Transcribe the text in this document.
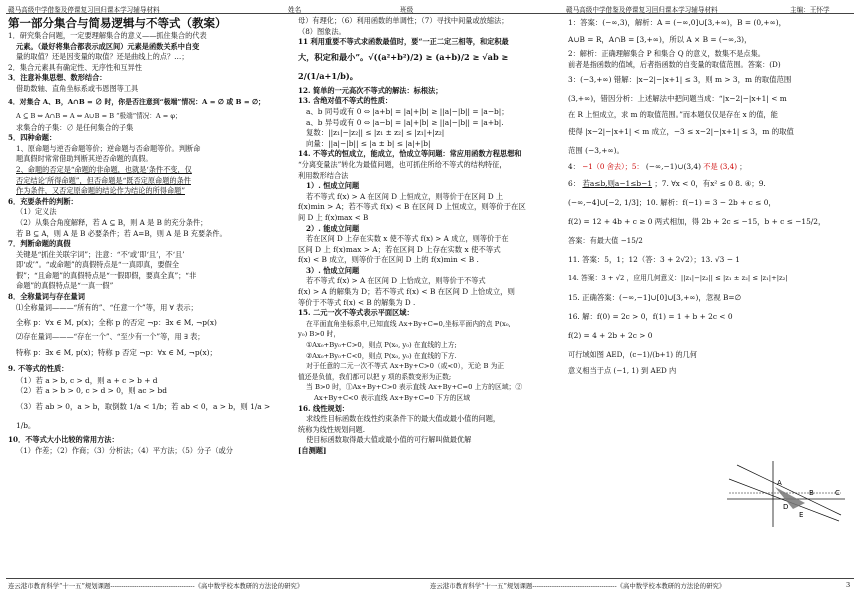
赣马高级中学借鉴及停课复习回归课本学习辅导材料	姓名	班级	赣马高级中学借鉴及停课复习回归课本学习辅导材料	主编：王怀学

第一部分集合与简易逻辑与不等式（教案）

1．研究集合问题，一定要理解集合的意义——抓住集合的代表

元素。（最好将集合都表示成区间）元素是函数关系中自变

量的取值？还是因变量的取值？还是曲线上的点？…；

2．集合元素具有确定性、无序性和互异性

3．注意补集思想、数形结合：

借助数轴、直角坐标系或韦恩图等工具

4．对集合 A、B，A∩B = ∅ 时，你是否注意到“极端”情况：A = ∅ 或 B = ∅；

A ⊆ B ⇔ A∩B = A ⇔ A∪B = B “极端”情况：A = φ；

求集合的子集：∅ 是任何集合的子集

5．四种命题：

1、原命题与逆否命题等价；逆命题与否命题等价。判断命

题真假时常常借助判断其逆否命题的真假。

2、命题的否定是“命题的非命题，也就是‘条件不变，仅

否定结论’所得命题”，但否命题是“既否定原命题的条件

作为条件，又否定原命题的结论作为结论的所得命题”

6．充要条件的判断：

（1）定义法

（2）从集合角度解释，若 A ⊆ B，则 A 是 B 的充分条件；

若 B ⊆ A，则 A 是 B 必要条件；若 A=B，则 A 是 B 充要条件。

7．判断命题的真假

关键是“抓住关联字词”；注意：“不‘或’即‘且’，不‘且’

即‘或’”。“或命题”的真假特点是“一真即真，要假全

假”；“且命题”的真假特点是“一假即假，要真全真”；“非

命题”的真假特点是“一真一假”

8．全称量词与存在量词

⑴全称量词———“所有的”、“任意一个”等，用 ∀ 表示；

全称 p：∀x ∈ M, p(x)；全称 p 的否定 ¬p：∃x ∈ M, ¬p(x)

⑵存在量词———“存在一个”、“至少有一个”等，用 ∃ 表；

特称 p：∃x ∈ M, p(x)；特称 p 否定 ¬p：∀x ∈ M, ¬p(x)；

9. 不等式的性质：

（1）若 a > b, c > d，则 a + c > b + d

（2）若 a > b > 0, c > d > 0，则 ac > bd

（3）若 ab > 0，a > b，取倒数 1/a < 1/b；若 ab < 0，a > b，则 1/a > 1/b。

10．不等式大小比较的常用方法：

（1）作差；（2）作商；（3）分析法；（4）平方法；（5）分子（或分

母）有理化；（6）利用函数的单调性；（7）寻找中间量或放缩法；

（8）图象法。

11 利用重要不等式求函数最值时，要“一正二定三相等，和定积最

大，积定和最小”。√((a²+b²)/2) ≥ (a+b)/2 ≥ √ab ≥ 2/(1/a+1/b)。

12. 简单的一元高次不等式的解法：标根法；

13. 含绝对值不等式的性质：

a、b 同号或有 0 ⇔ |a+b| = |a|+|b| ≥ ||a|−|b|| = |a−b|；

a、b 异号或有 0 ⇔ |a−b| = |a|+|b| ≥ ||a|−|b|| = |a+b|.

复数：||z₁|−|z₂|| ≤ |z₁ ± z₂| ≤ |z₁|+|z₂|

向量：||a|−|b|| ≤ |a ± b| ≤ |a|+|b|

14. 不等式的恒成立，能成立，恰成立等问题：常应用函数方程思想和

“分离变量法”转化为最值问题，也可抓住所给不等式的结构特征，

利用数形结合法

1）. 恒成立问题

若不等式 f(x) > A 在区间 D 上恒成立，则等价于在区间 D 上

f(x)min > A；若不等式 f(x) < B 在区间 D 上恒成立，则等价于在区

间 D 上 f(x)max < B

2）. 能成立问题

若在区间 D 上存在实数 x 使不等式 f(x) > A 成立，则等价于在

区间 D 上 f(x)max > A；若在区间 D 上存在实数 x 使不等式

f(x) < B 成立，则等价于在区间 D 上的 f(x)min < B .

3）. 恰成立问题

若不等式 f(x) > A 在区间 D 上恰成立，则等价于不等式

f(x) > A 的解集为 D；若不等式 f(x) < B 在区间 D 上恰成立，则

等价于不等式 f(x) < B 的解集为 D .

15. 二元一次不等式表示平面区域：

在平面直角坐标系中,已知直线 Ax+By+C=0,坐标平面内的点 P(x₀,

y₀) B>0 时，

①Ax₀+By₀+C>0，则点 P(x₀, y₀) 在直线的上方;

②Ax₀+By₀+C<0，则点 P(x₀, y₀) 在直线的下方.

对于任意的二元一次不等式 Ax+By+C>0（或<0），无论 B 为正

值还是负值，我们都可以把 y 项的系数变形为正数;

当 B>0 时，①Ax+By+C>0 表示直线 Ax+By+C=0 上方的区域；②

Ax+By+C<0 表示直线 Ax+By+C=0 下方的区域

16. 线性规划：

求线性目标函数在线性约束条件下的最大值或最小值的问题，

统称为线性规划问题.

使目标函数取得最大值或最小值的可行解叫做最优解

[自测题]

1：答案：(−∞,3)，解析：A = (−∞,0]∪[3,+∞)，B = (0,+∞)，

A∪B = R，A∩B = [3,+∞)，所以 A × B = (−∞,3)，

2：解析：正确理解集合 P 和集合 Q 的意义，数集不是点集。

前者是指函数的值域，后者指函数的自变量的取值范围。答案：(D)

3：(−3,+∞) 错解：|x−2|−|x+1| ≤ 3，则 m > 3，m 的取值范围

(3,+∞)，错因分析：上述解法中把问题当成：“|x−2|−|x+1| < m

在 R 上恒成立，求 m 的取值范围。”而本题仅仅是存在 x 的值，能

使得 |x−2|−|x+1| < m 成立，−3 ≤ x−2|−|x+1| ≤ 3，m 的取值

范围 (−3,+∞)。

4： −1（0 舍去）；5： (−∞,−1)∪(3,4) 不是 (3,4) ；

6： 若a≤b,则a−1≤b−1 ；7. ∀x < 0，有x² ≤ 0 8. ④；9.

(−∞,−4]∪[−2, 1/3]；10. 解析：f(−1) = 3 − 2b + c ≤ 0，

f(2) = 12 + 4b + c ≥ 0 两式相加，得 2b + 2c ≤ −15，b + c ≤ −15/2，

答案：有最大值 −15/2

11. 答案：5，1；12（答：3 + 2√2）；13. √3 − 1

14. 答案：3 + √2 ，应用几何意义：||z₁|−|z₂|| ≤ |z₁ ± z₂| ≤ |z₁|+|z₂|

15. 正确答案：(−∞,−1]∪[0]∪[3,+∞)，忽视 B=∅

16. 解：f(0) = 2c > 0，f(1) = 1 + b + 2c < 0

f(2) = 4 + 2b + 2c > 0

可行域如图 AED，(c−1)/(b+1) 的几何

意义相当于点 (−1, 1) 到 AED 内

A
B	C
D
E
连云港市教育科学“十一五”规划课题---------------------------------------《高中数学校本教研的方法论的研究》	连云港市教育科学“十一五”规划课题---------------------------------------《高中数学校本教研的方法论的研究》	3
